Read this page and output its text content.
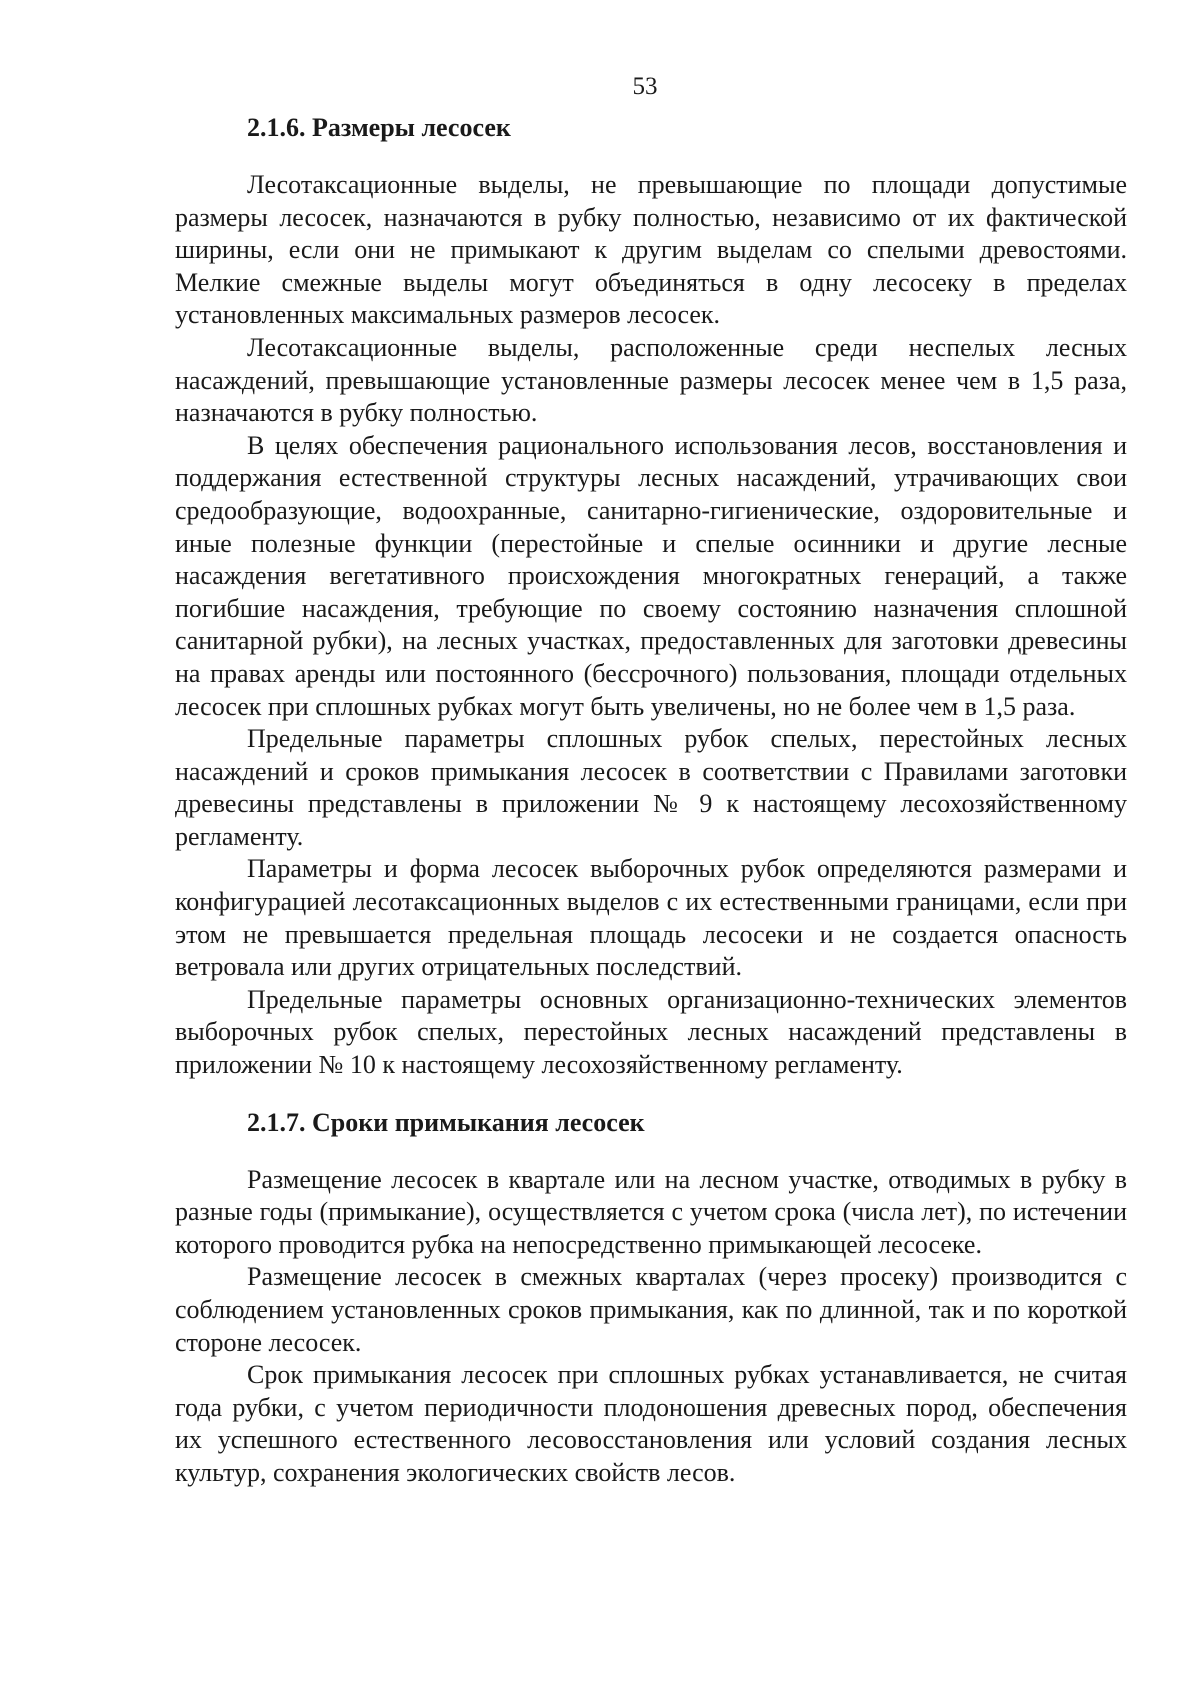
53
2.1.6. Размеры лесосек

Лесотаксационные выделы, не превышающие по площади допустимые размеры лесосек, назначаются в рубку полностью, независимо от их фактической ширины, если они не примыкают к другим выделам со спелыми древостоями. Мелкие смежные выделы могут объединяться в одну лесосеку в пределах установленных максимальных размеров лесосек.

Лесотаксационные выделы, расположенные среди неспелых лесных насаждений, превышающие установленные размеры лесосек менее чем в 1,5 раза, назначаются в рубку полностью.

В целях обеспечения рационального использования лесов, восстановления и поддержания естественной структуры лесных насаждений, утрачивающих свои средообразующие, водоохранные, санитарно-гигиенические, оздоровительные и иные полезные функции (перестойные и спелые осинники и другие лесные насаждения вегетативного происхождения многократных генераций, а также погибшие насаждения, требующие по своему состоянию назначения сплошной санитарной рубки), на лесных участках, предоставленных для заготовки древесины на правах аренды или постоянного (бессрочного) пользования, площади отдельных лесосек при сплошных рубках могут быть увеличены, но не более чем в 1,5 раза.

Предельные параметры сплошных рубок спелых, перестойных лесных насаждений и сроков примыкания лесосек в соответствии с Правилами заготовки древесины представлены в приложении № 9 к настоящему лесохозяйственному регламенту.

Параметры и форма лесосек выборочных рубок определяются размерами и конфигурацией лесотаксационных выделов с их естественными границами, если при этом не превышается предельная площадь лесосеки и не создается опасность ветровала или других отрицательных последствий.

Предельные параметры основных организационно-технических элементов выборочных рубок спелых, перестойных лесных насаждений представлены в приложении № 10 к настоящему лесохозяйственному регламенту.

2.1.7. Сроки примыкания лесосек

Размещение лесосек в квартале или на лесном участке, отводимых в рубку в разные годы (примыкание), осуществляется с учетом срока (числа лет), по истечении которого проводится рубка на непосредственно примыкающей лесосеке.

Размещение лесосек в смежных кварталах (через просеку) производится с соблюдением установленных сроков примыкания, как по длинной, так и по короткой стороне лесосек.

Срок примыкания лесосек при сплошных рубках устанавливается, не считая года рубки, с учетом периодичности плодоношения древесных пород, обеспечения их успешного естественного лесовосстановления или условий создания лесных культур, сохранения экологических свойств лесов.
